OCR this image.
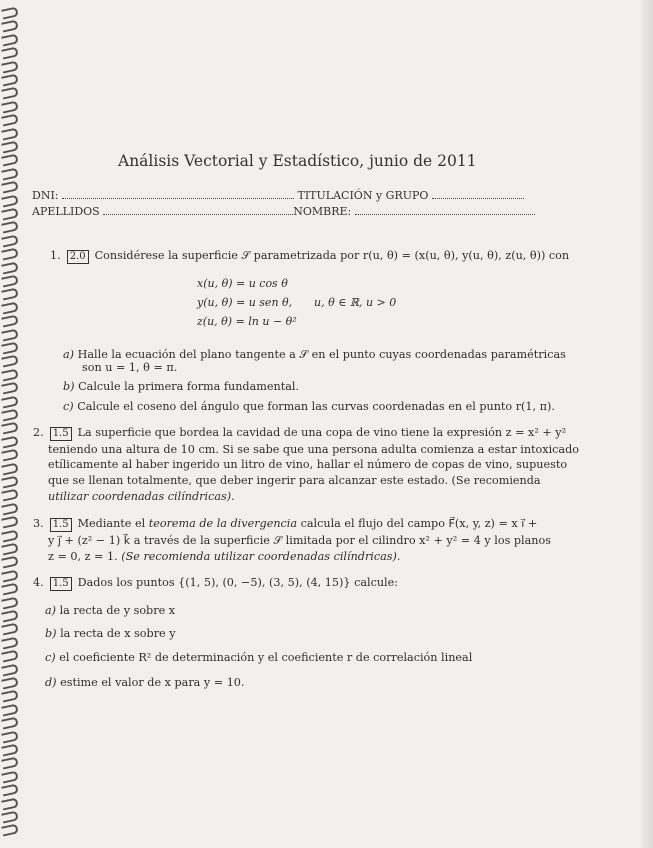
Análisis Vectorial y Estadístico, junio de 2011
DNI:	TITULACIÓN y GRUPO
APELLIDOS	NOMBRE:
1. 2.0 Considérese la superficie 𝒮 parametrizada por r(u, θ) = (x(u, θ), y(u, θ), z(u, θ)) con
x(u, θ) = u cos θ
y(u, θ) = u sen θ, u, θ ∈ ℝ, u > 0
z(u, θ) = ln u − θ²
a) Halle la ecuación del plano tangente a 𝒮 en el punto cuyas coordenadas paramétricas
son u = 1, θ = π.
b) Calcule la primera forma fundamental.
c) Calcule el coseno del ángulo que forman las curvas coordenadas en el punto r(1, π).
2. 1.5 La superficie que bordea la cavidad de una copa de vino tiene la expresión z = x² + y²
teniendo una altura de 10 cm. Si se sabe que una persona adulta comienza a estar intoxicado
etílicamente al haber ingerido un litro de vino, hallar el número de copas de vino, supuesto
que se llenan totalmente, que deber ingerir para alcanzar este estado. (Se recomienda
utilizar coordenadas cilíndricas).
3. 1.5 Mediante el teorema de la divergencia calcula el flujo del campo F⃗(x, y, z) = x i⃗ +
y j⃗ + (z² − 1) k⃗ a través de la superficie 𝒮 limitada por el cilindro x² + y² = 4 y los planos
z = 0, z = 1. (Se recomienda utilizar coordenadas cilíndricas).
4. 1.5 Dados los puntos {(1, 5), (0, −5), (3, 5), (4, 15)} calcule:
a) la recta de y sobre x
b) la recta de x sobre y
c) el coeficiente R² de determinación y el coeficiente r de correlación lineal
d) estime el valor de x para y = 10.
